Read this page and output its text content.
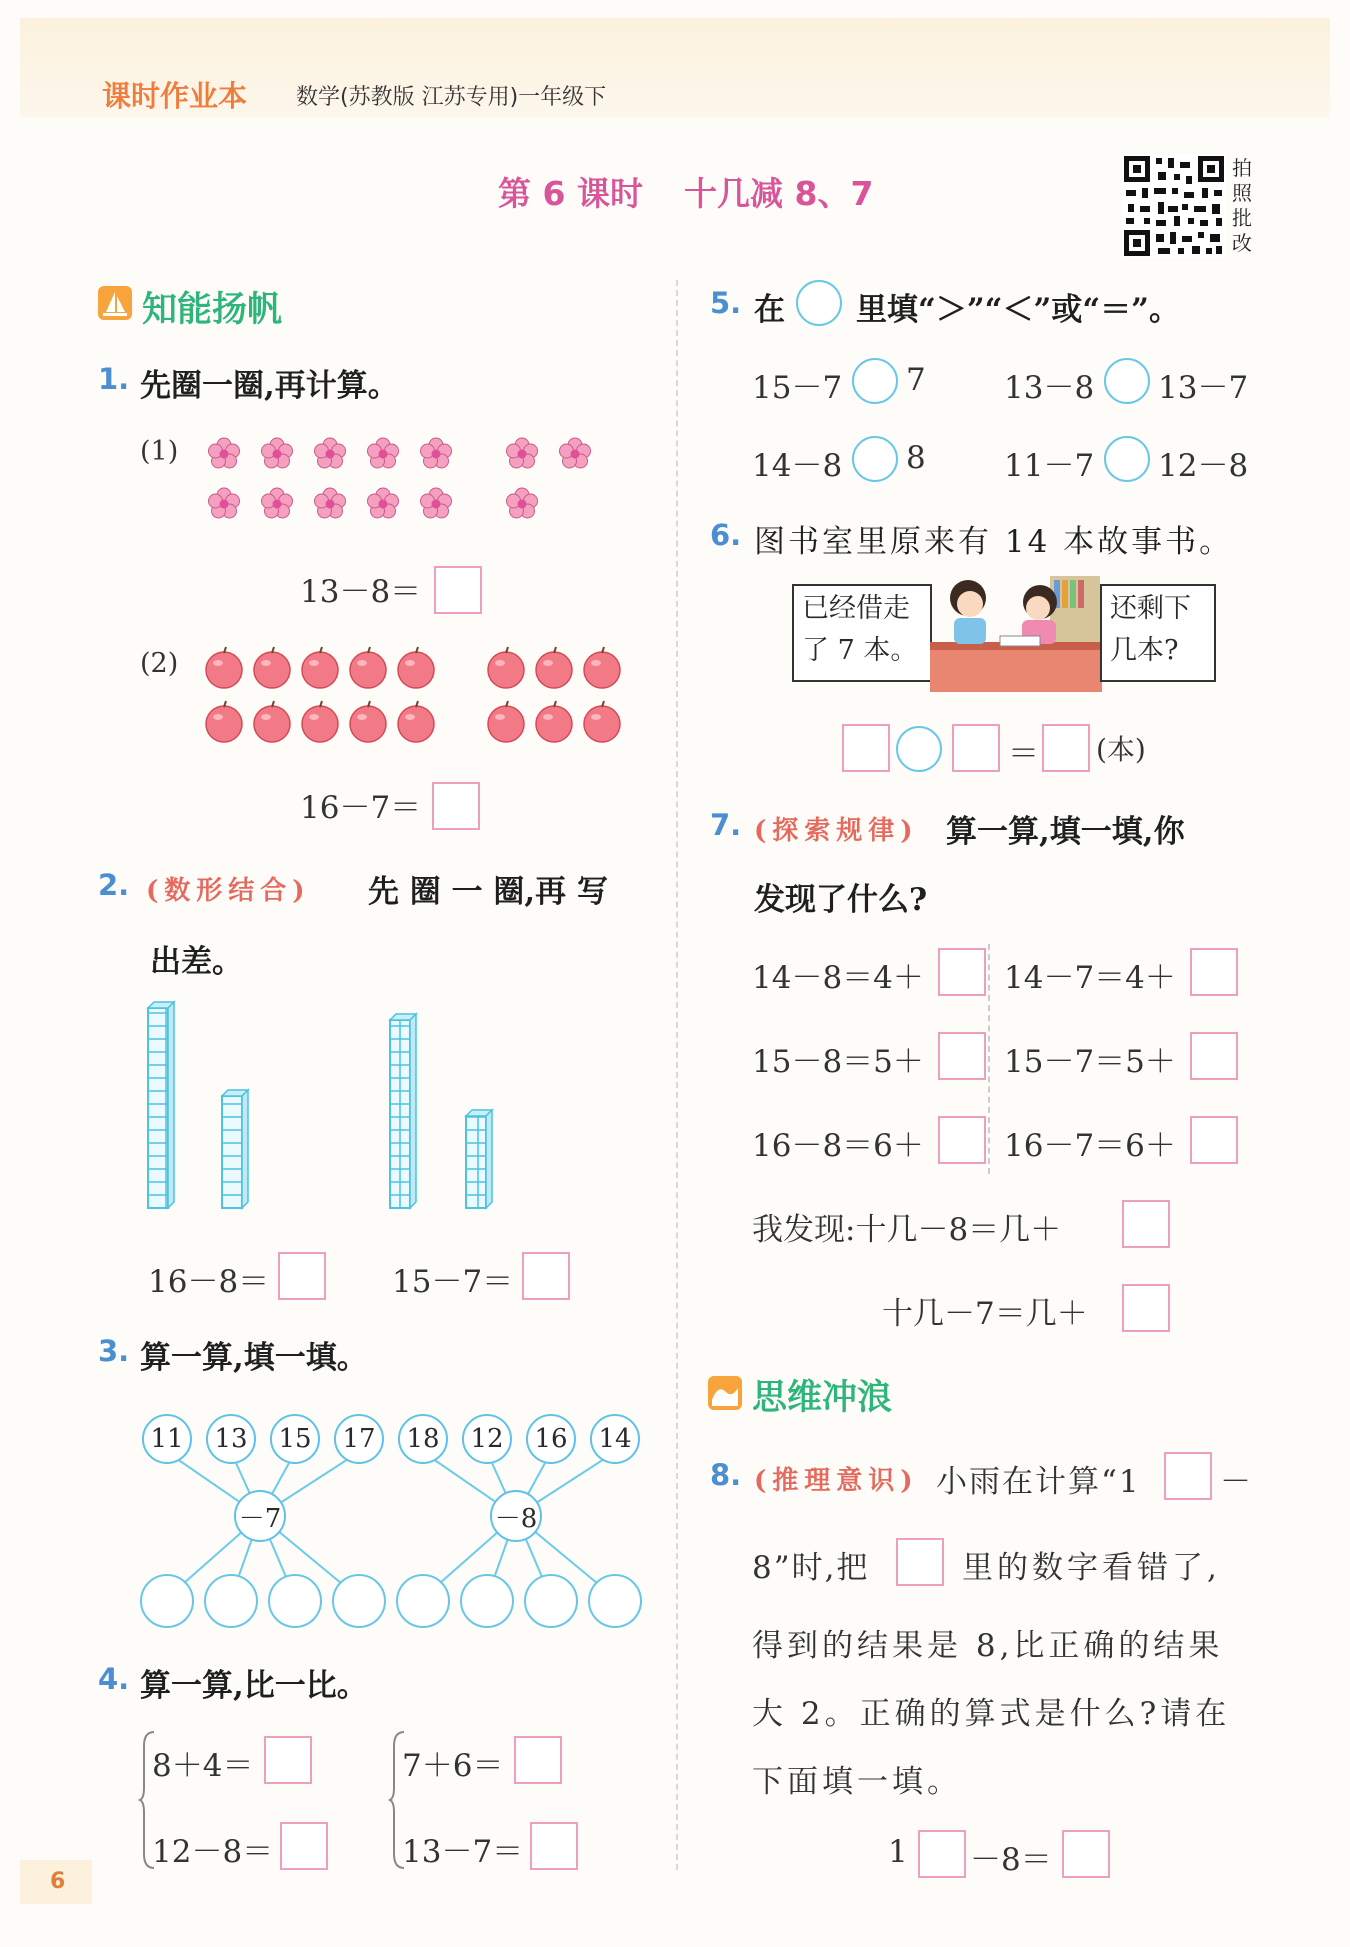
课时作业本 数学(苏教版 江苏专用)一年级下
第 6 课时 十几减 8、7
拍
照
批
改
知能扬帆
1. 先圈一圈,再计算。
(1)
13－8＝
(2)
16－7＝
2. (数形结合) 先 圈 一 圈,再 写
出差。
16－8＝	15－7＝
3. 算一算,填一填。
11	13	15	17	18	12	16	14
－7	－8
4. 算一算,比一比。
8＋4＝
12－8＝
7＋6＝
13－7＝
6
5. 在 里填“＞”“＜”或“＝”。
15－7 7	13－8 13－7
14－8 8	11－7 12－8
6. 图书室里原来有 14 本故事书。
已经借走
了 7 本。
还剩下
几本?
＝ (本)
7. (探索规律) 算一算,填一填,你
发现了什么?
14－8＝4＋	14－7＝4＋
15－8＝5＋	15－7＝5＋
16－8＝6＋	16－7＝6＋
我发现:十几－8＝几＋
十几－7＝几＋
思维冲浪
8. (推理意识) 小雨在计算“1	－
8”时,把	里的数字看错了,
得到的结果是 8,比正确的结果
大 2。正确的算式是什么?请在
下面填一填。
1 －8＝
